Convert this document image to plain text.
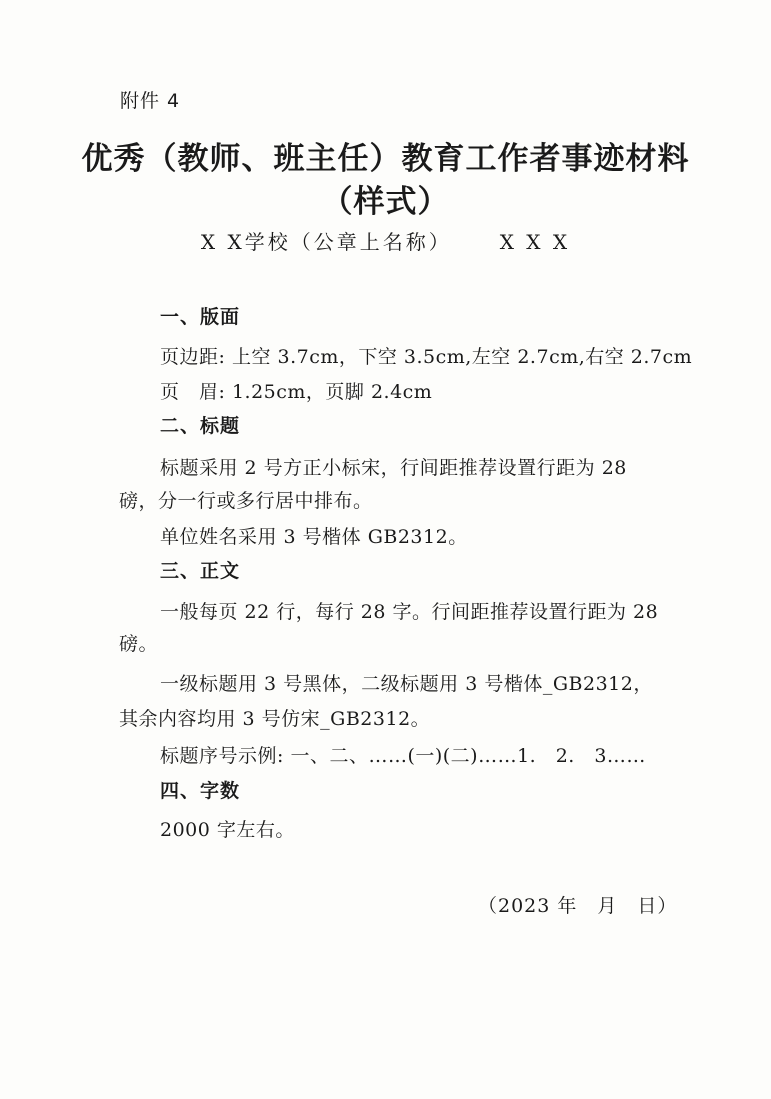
附件 4
优秀（教师、班主任）教育工作者事迹材料
（样式）
X X学校（公章上名称） X X X
一、版面
页边距: 上空 3.7cm，下空 3.5cm,左空 2.7cm,右空 2.7cm
页　眉: 1.25cm，页脚 2.4cm
二、标题
标题采用 2 号方正小标宋，行间距推荐设置行距为 28
磅，分一行或多行居中排布。
单位姓名采用 3 号楷体 GB2312。
三、正文
一般每页 22 行，每行 28 字。行间距推荐设置行距为 28
磅。
一级标题用 3 号黑体，二级标题用 3 号楷体_GB2312，
其余内容均用 3 号仿宋_GB2312。
标题序号示例: 一、二、……(一)(二)……1.　2.　3……
四、字数
2000 字左右。
（2023 年　月　日）
